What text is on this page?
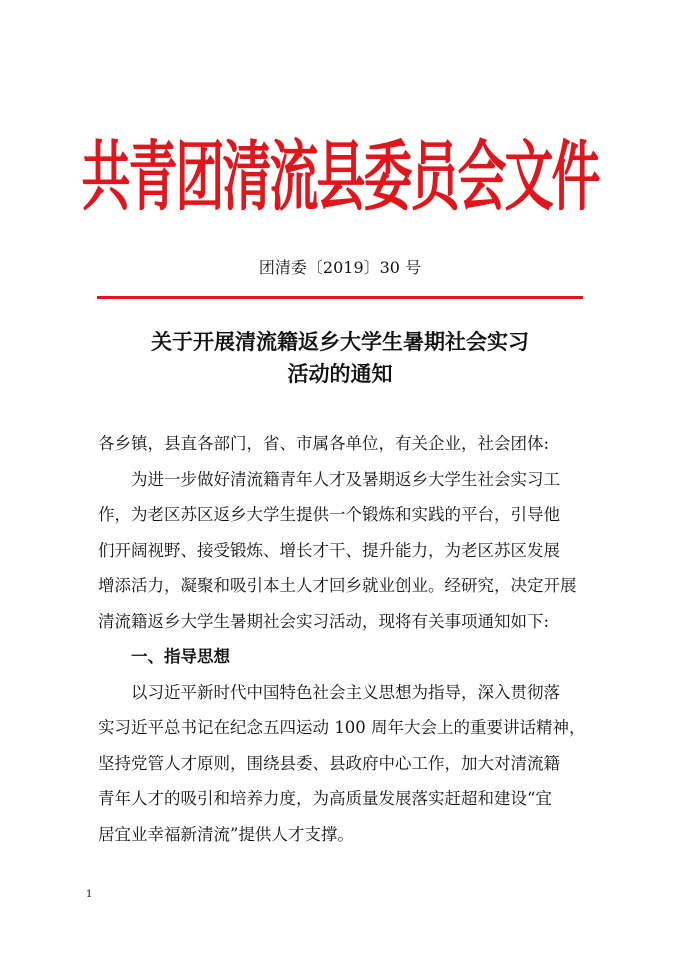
共青团清流县委员会文件
团清委〔2019〕30 号
关于开展清流籍返乡大学生暑期社会实习
活动的通知

各乡镇，县直各部门，省、市属各单位，有关企业，社会团体:

为进一步做好清流籍青年人才及暑期返乡大学生社会实习工
作，为老区苏区返乡大学生提供一个锻炼和实践的平台，引导他
们开阔视野、接受锻炼、增长才干、提升能力，为老区苏区发展
增添活力，凝聚和吸引本土人才回乡就业创业。经研究，决定开展
清流籍返乡大学生暑期社会实习活动，现将有关事项通知如下:

一、指导思想

以习近平新时代中国特色社会主义思想为指导，深入贯彻落
实习近平总书记在纪念五四运动 100 周年大会上的重要讲话精神，
坚持党管人才原则，围绕县委、县政府中心工作，加大对清流籍
青年人才的吸引和培养力度，为高质量发展落实赶超和建设“宜
居宜业幸福新清流”提供人才支撑。

1
